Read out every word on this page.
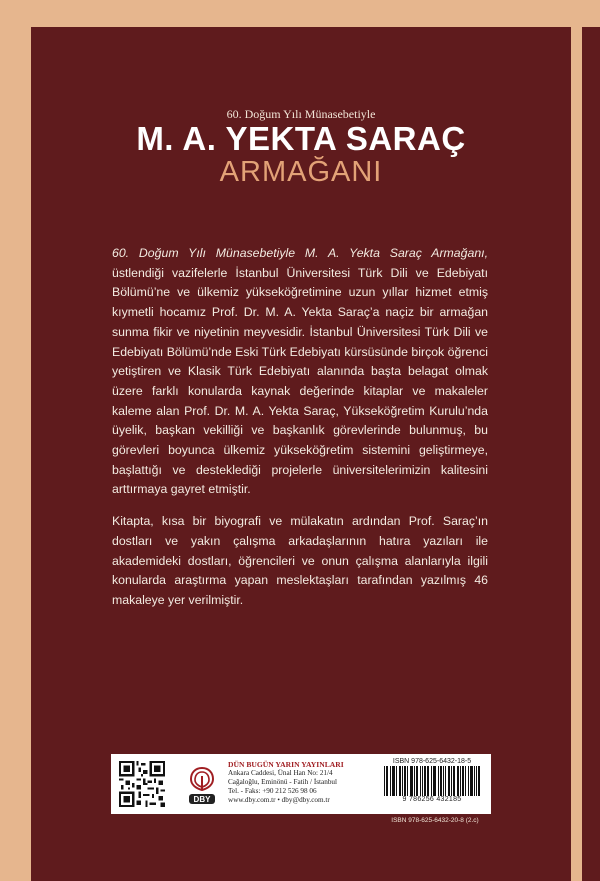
60. Doğum Yılı Münasebetiyle
M. A. YEKTA SARAÇ
ARMAĞANI

60. Doğum Yılı Münasebetiyle M. A. Yekta Saraç Armağanı, üstlendiği vazifelerle İstanbul Üniversitesi Türk Dili ve Edebiyatı Bölümü’ne ve ülkemiz yükseköğretimine uzun yıllar hizmet etmiş kıymetli hocamız Prof. Dr. M. A. Yekta Saraç’a naçiz bir armağan sunma fikir ve niyetinin meyvesidir. İstanbul Üniversitesi Türk Dili ve Edebiyatı Bölümü’nde Eski Türk Edebiyatı kürsüsünde birçok öğrenci yetiştiren ve Klasik Türk Edebiyatı alanında başta belagat olmak üzere farklı konularda kaynak değerinde kitaplar ve makaleler kaleme alan Prof. Dr. M. A. Yekta Saraç, Yükseköğretim Kurulu’nda üyelik, başkan vekilliği ve başkanlık görevlerinde bulunmuş, bu görevleri boyunca ülkemiz yükseköğretim sistemini geliştirmeye, başlattığı ve desteklediği projelerle üniversitelerimizin kalitesini arttırmaya gayret etmiştir.

Kitapta, kısa bir biyografi ve mülakatın ardından Prof. Saraç’ın dostları ve yakın çalışma arkadaşlarının hatıra yazıları ile akademideki dostları, öğrencileri ve onun çalışma alanlarıyla ilgili konularda araştırma yapan meslektaşları tarafından yazılmış 46 makaleye yer verilmiştir.

DBY
DÜN BUGÜN YARIN YAYINLARI
Ankara Caddesi, Ünal Han No: 21/4
Cağaloğlu, Eminönü - Fatih / İstanbul
Tel. - Faks: +90 212 526 98 06
www.dby.com.tr • dby@dby.com.tr
ISBN 978-625-6432-18-5
9 786256 432185
ISBN 978-625-6432-20-8 (2.c)
